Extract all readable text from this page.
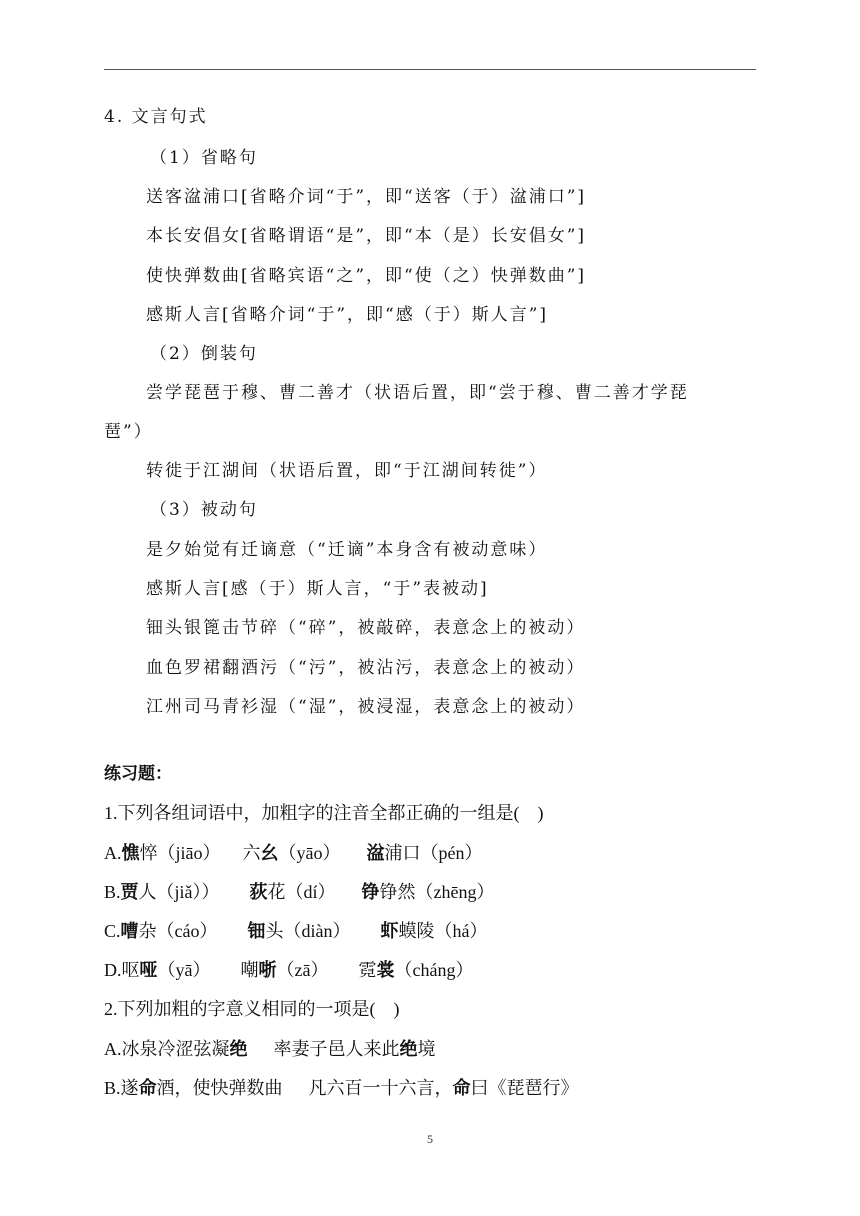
4. 文言句式
（1）省略句
送客湓浦口[省略介词“于”，即“送客（于）湓浦口”]
本长安倡女[省略谓语“是”，即“本（是）长安倡女”]
使快弹数曲[省略宾语“之”，即“使（之）快弹数曲”]
感斯人言[省略介词“于”，即“感（于）斯人言”]
（2）倒装句
尝学琵琶于穆、曹二善才（状语后置，即“尝于穆、曹二善才学琵
琶”）
转徙于江湖间（状语后置，即“于江湖间转徙”）
（3）被动句
是夕始觉有迁谪意（“迁谪”本身含有被动意味）
感斯人言[感（于）斯人言，“于”表被动]
钿头银篦击节碎（“碎”，被敲碎，表意念上的被动）
血色罗裙翻酒污（“污”，被沾污，表意念上的被动）
江州司马青衫湿（“湿”，被浸湿，表意念上的被动）
练习题：
1.下列各组词语中，加粗字的注音全都正确的一组是(　)
A.憔悴（jiāo） 六幺（yāo） 湓浦口（pén）
B.贾人（jiǎ）） 荻花（dí） 铮铮然（zhēng）
C.嘈杂（cáo） 钿头（diàn） 虾蟆陵（há）
D.呕哑（yā） 嘲哳（zā） 霓裳（cháng）
2.下列加粗的字意义相同的一项是(　)
A.冰泉冷涩弦凝绝 率妻子邑人来此绝境
B.遂命酒，使快弹数曲 凡六百一十六言，命曰《琵琶行》
5
